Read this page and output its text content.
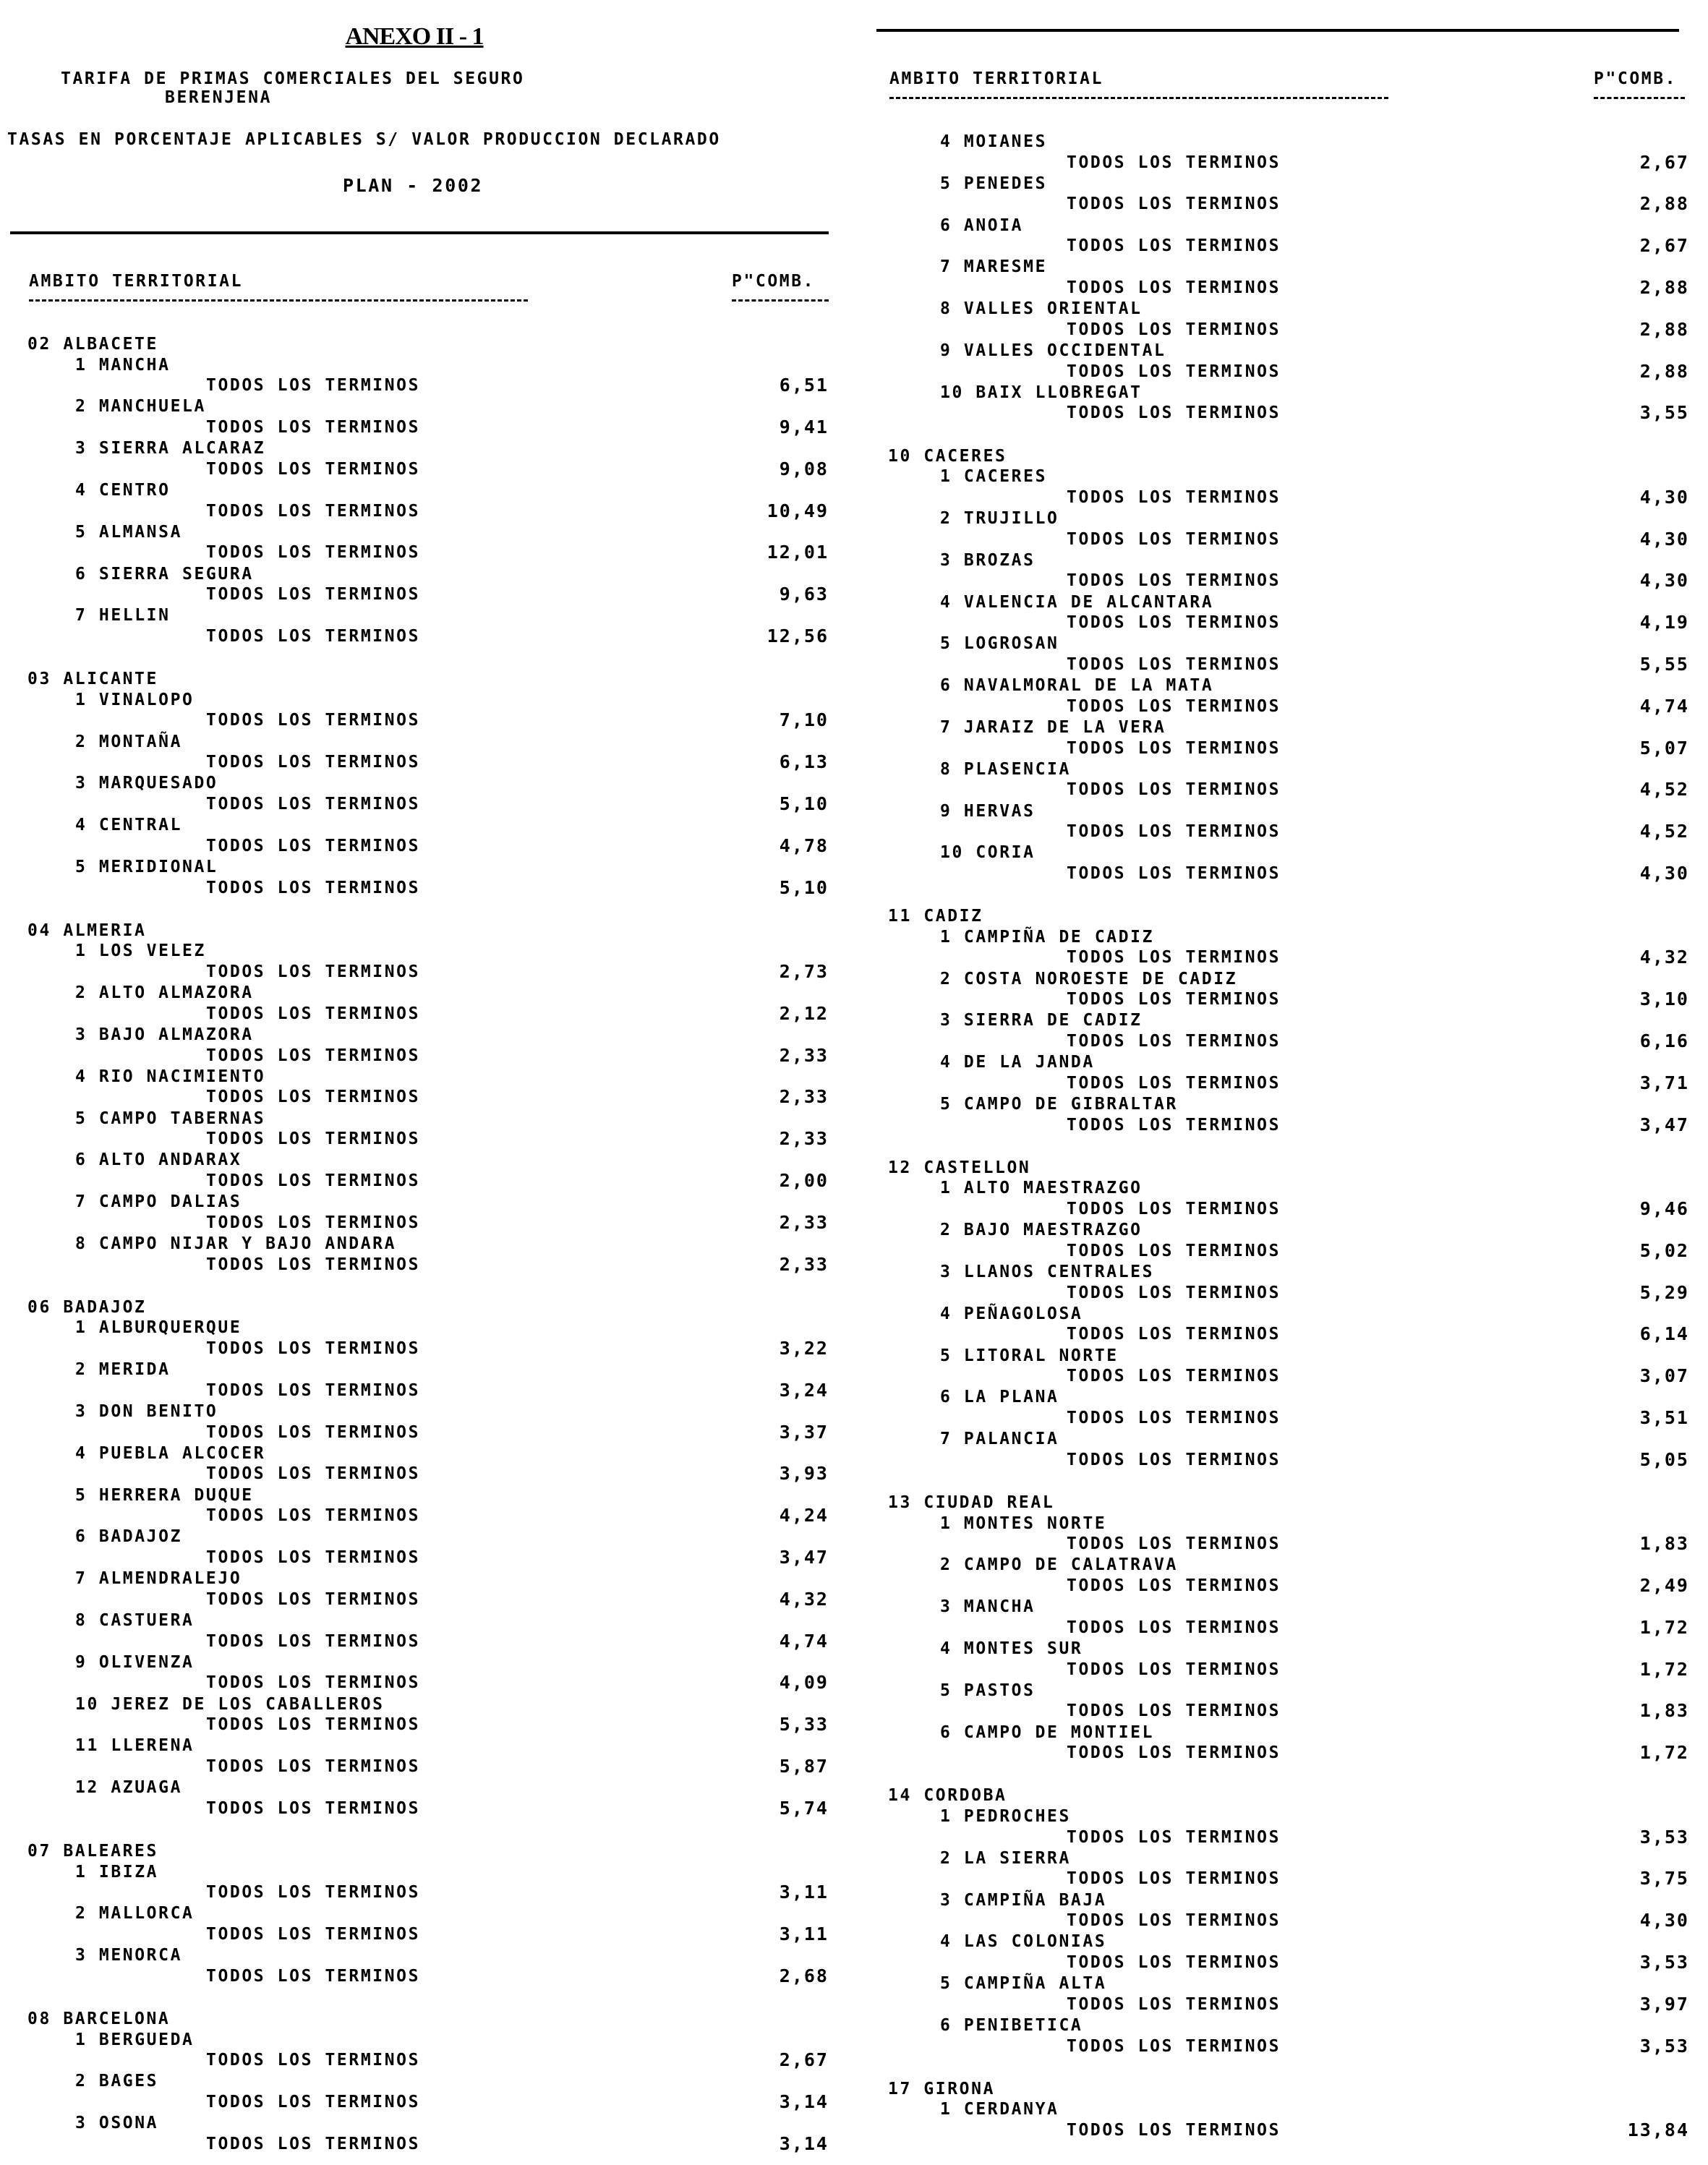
ANEXO II - 1
TARIFA DE PRIMAS COMERCIALES DEL SEGURO
BERENJENA
TASAS EN PORCENTAJE APLICABLES S/ VALOR PRODUCCION DECLARADO
PLAN - 2002
AMBITO TERRITORIAL	P"COMB.
AMBITO TERRITORIAL	P"COMB.
02 ALBACETE
1 MANCHA
TODOS LOS TERMINOS	6,51
2 MANCHUELA
TODOS LOS TERMINOS	9,41
3 SIERRA ALCARAZ
TODOS LOS TERMINOS	9,08
4 CENTRO
TODOS LOS TERMINOS	10,49
5 ALMANSA
TODOS LOS TERMINOS	12,01
6 SIERRA SEGURA
TODOS LOS TERMINOS	9,63
7 HELLIN
TODOS LOS TERMINOS	12,56
03 ALICANTE
1 VINALOPO
TODOS LOS TERMINOS	7,10
2 MONTAÑA
TODOS LOS TERMINOS	6,13
3 MARQUESADO
TODOS LOS TERMINOS	5,10
4 CENTRAL
TODOS LOS TERMINOS	4,78
5 MERIDIONAL
TODOS LOS TERMINOS	5,10
04 ALMERIA
1 LOS VELEZ
TODOS LOS TERMINOS	2,73
2 ALTO ALMAZORA
TODOS LOS TERMINOS	2,12
3 BAJO ALMAZORA
TODOS LOS TERMINOS	2,33
4 RIO NACIMIENTO
TODOS LOS TERMINOS	2,33
5 CAMPO TABERNAS
TODOS LOS TERMINOS	2,33
6 ALTO ANDARAX
TODOS LOS TERMINOS	2,00
7 CAMPO DALIAS
TODOS LOS TERMINOS	2,33
8 CAMPO NIJAR Y BAJO ANDARA
TODOS LOS TERMINOS	2,33
06 BADAJOZ
1 ALBURQUERQUE
TODOS LOS TERMINOS	3,22
2 MERIDA
TODOS LOS TERMINOS	3,24
3 DON BENITO
TODOS LOS TERMINOS	3,37
4 PUEBLA ALCOCER
TODOS LOS TERMINOS	3,93
5 HERRERA DUQUE
TODOS LOS TERMINOS	4,24
6 BADAJOZ
TODOS LOS TERMINOS	3,47
7 ALMENDRALEJO
TODOS LOS TERMINOS	4,32
8 CASTUERA
TODOS LOS TERMINOS	4,74
9 OLIVENZA
TODOS LOS TERMINOS	4,09
10 JEREZ DE LOS CABALLEROS
TODOS LOS TERMINOS	5,33
11 LLERENA
TODOS LOS TERMINOS	5,87
12 AZUAGA
TODOS LOS TERMINOS	5,74
07 BALEARES
1 IBIZA
TODOS LOS TERMINOS	3,11
2 MALLORCA
TODOS LOS TERMINOS	3,11
3 MENORCA
TODOS LOS TERMINOS	2,68
08 BARCELONA
1 BERGUEDA
TODOS LOS TERMINOS	2,67
2 BAGES
TODOS LOS TERMINOS	3,14
3 OSONA
TODOS LOS TERMINOS	3,14
4 MOIANES
TODOS LOS TERMINOS	2,67
5 PENEDES
TODOS LOS TERMINOS	2,88
6 ANOIA
TODOS LOS TERMINOS	2,67
7 MARESME
TODOS LOS TERMINOS	2,88
8 VALLES ORIENTAL
TODOS LOS TERMINOS	2,88
9 VALLES OCCIDENTAL
TODOS LOS TERMINOS	2,88
10 BAIX LLOBREGAT
TODOS LOS TERMINOS	3,55
10 CACERES
1 CACERES
TODOS LOS TERMINOS	4,30
2 TRUJILLO
TODOS LOS TERMINOS	4,30
3 BROZAS
TODOS LOS TERMINOS	4,30
4 VALENCIA DE ALCANTARA
TODOS LOS TERMINOS	4,19
5 LOGROSAN
TODOS LOS TERMINOS	5,55
6 NAVALMORAL DE LA MATA
TODOS LOS TERMINOS	4,74
7 JARAIZ DE LA VERA
TODOS LOS TERMINOS	5,07
8 PLASENCIA
TODOS LOS TERMINOS	4,52
9 HERVAS
TODOS LOS TERMINOS	4,52
10 CORIA
TODOS LOS TERMINOS	4,30
11 CADIZ
1 CAMPIÑA DE CADIZ
TODOS LOS TERMINOS	4,32
2 COSTA NOROESTE DE CADIZ
TODOS LOS TERMINOS	3,10
3 SIERRA DE CADIZ
TODOS LOS TERMINOS	6,16
4 DE LA JANDA
TODOS LOS TERMINOS	3,71
5 CAMPO DE GIBRALTAR
TODOS LOS TERMINOS	3,47
12 CASTELLON
1 ALTO MAESTRAZGO
TODOS LOS TERMINOS	9,46
2 BAJO MAESTRAZGO
TODOS LOS TERMINOS	5,02
3 LLANOS CENTRALES
TODOS LOS TERMINOS	5,29
4 PEÑAGOLOSA
TODOS LOS TERMINOS	6,14
5 LITORAL NORTE
TODOS LOS TERMINOS	3,07
6 LA PLANA
TODOS LOS TERMINOS	3,51
7 PALANCIA
TODOS LOS TERMINOS	5,05
13 CIUDAD REAL
1 MONTES NORTE
TODOS LOS TERMINOS	1,83
2 CAMPO DE CALATRAVA
TODOS LOS TERMINOS	2,49
3 MANCHA
TODOS LOS TERMINOS	1,72
4 MONTES SUR
TODOS LOS TERMINOS	1,72
5 PASTOS
TODOS LOS TERMINOS	1,83
6 CAMPO DE MONTIEL
TODOS LOS TERMINOS	1,72
14 CORDOBA
1 PEDROCHES
TODOS LOS TERMINOS	3,53
2 LA SIERRA
TODOS LOS TERMINOS	3,75
3 CAMPIÑA BAJA
TODOS LOS TERMINOS	4,30
4 LAS COLONIAS
TODOS LOS TERMINOS	3,53
5 CAMPIÑA ALTA
TODOS LOS TERMINOS	3,97
6 PENIBETICA
TODOS LOS TERMINOS	3,53
17 GIRONA
1 CERDANYA
TODOS LOS TERMINOS	13,84
